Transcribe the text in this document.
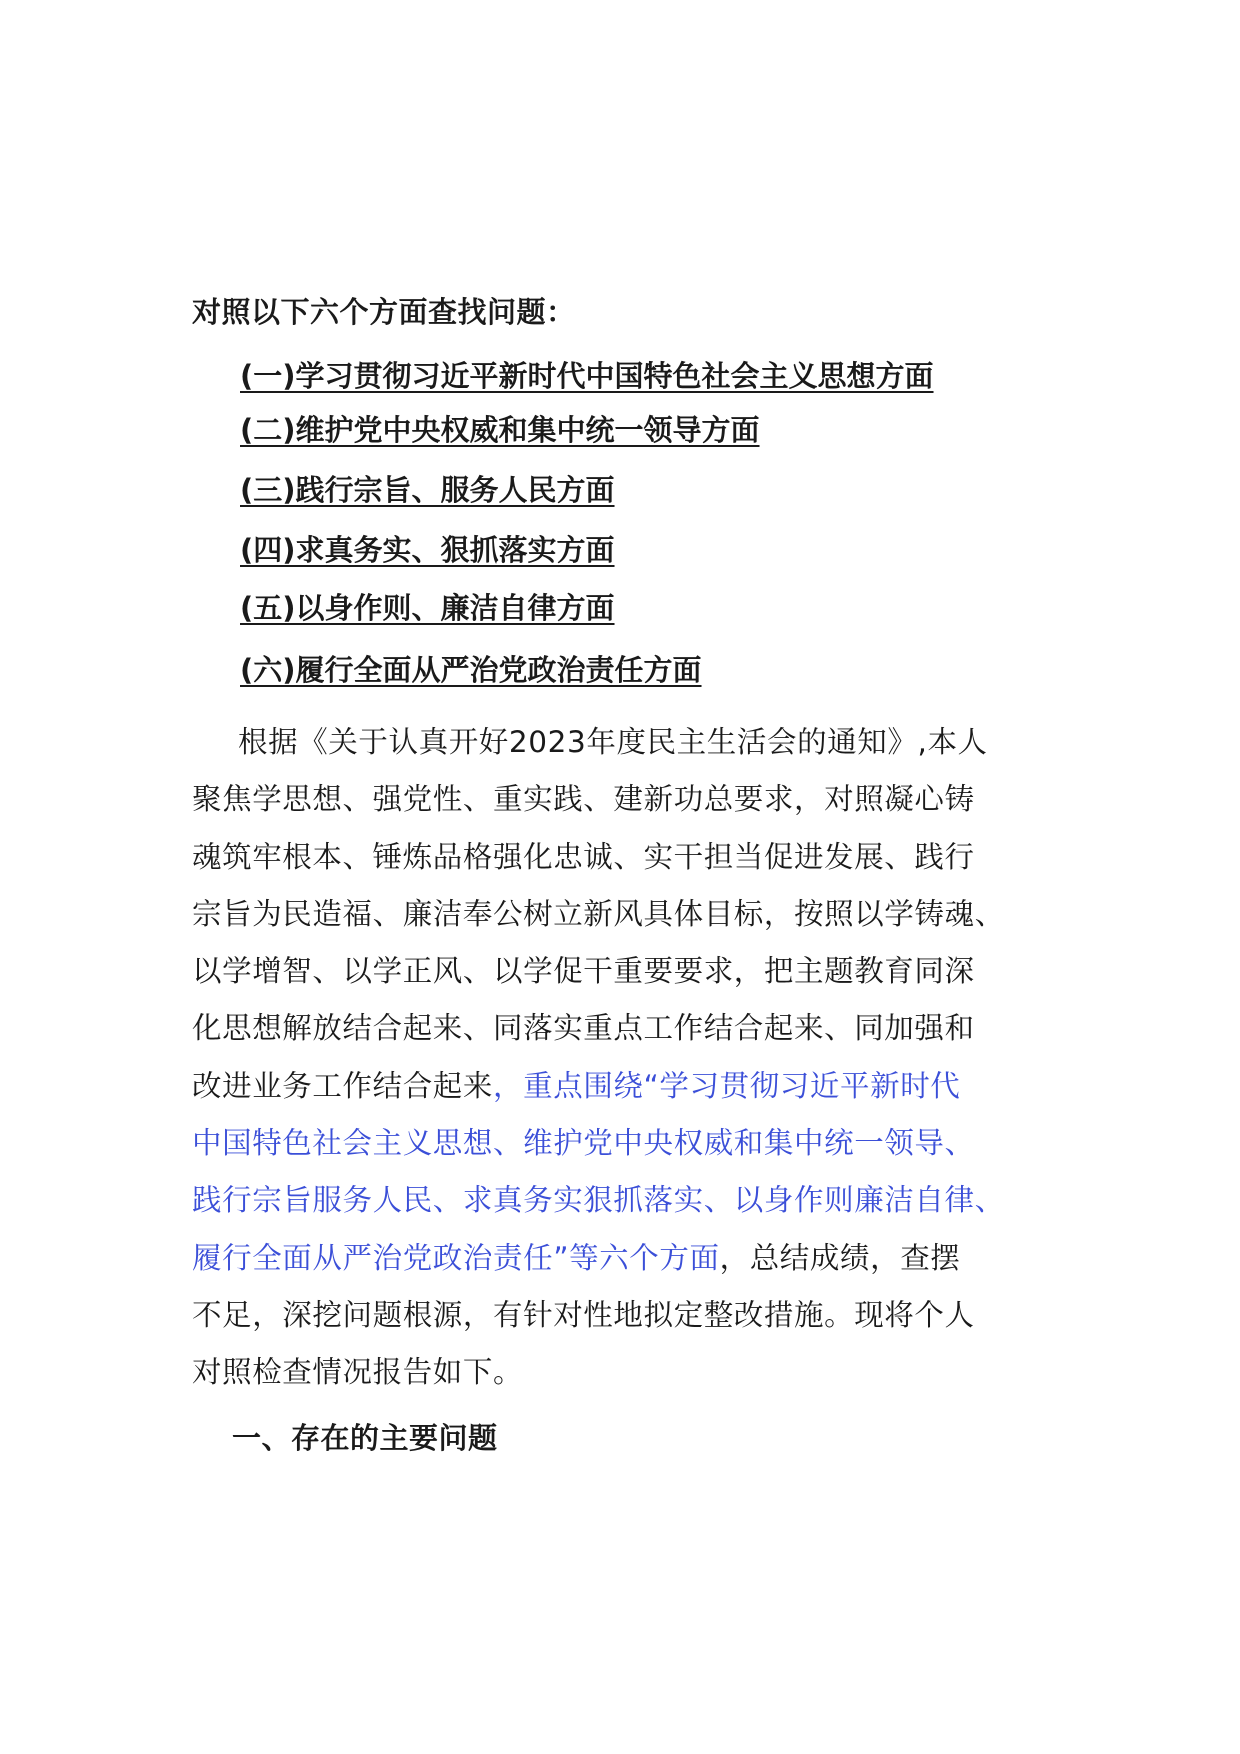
对照以下六个方面查找问题：
(一)学习贯彻习近平新时代中国特色社会主义思想方面
(二)维护党中央权威和集中统一领导方面
(三)践行宗旨、服务人民方面
(四)求真务实、狠抓落实方面
(五)以身作则、廉洁自律方面
(六)履行全面从严治党政治责任方面

根据《关于认真开好2023年度民主生活会的通知》,本人
聚焦学思想、强党性、重实践、建新功总要求，对照凝心铸
魂筑牢根本、锤炼品格强化忠诚、实干担当促进发展、践行
宗旨为民造福、廉洁奉公树立新风具体目标，按照以学铸魂、
以学增智、以学正风、以学促干重要要求，把主题教育同深
化思想解放结合起来、同落实重点工作结合起来、同加强和
改进业务工作结合起来，重点围绕“学习贯彻习近平新时代
中国特色社会主义思想、维护党中央权威和集中统一领导、
践行宗旨服务人民、求真务实狠抓落实、以身作则廉洁自律、
履行全面从严治党政治责任”等六个方面，总结成绩，查摆
不足，深挖问题根源，有针对性地拟定整改措施。现将个人
对照检查情况报告如下。

一、存在的主要问题
